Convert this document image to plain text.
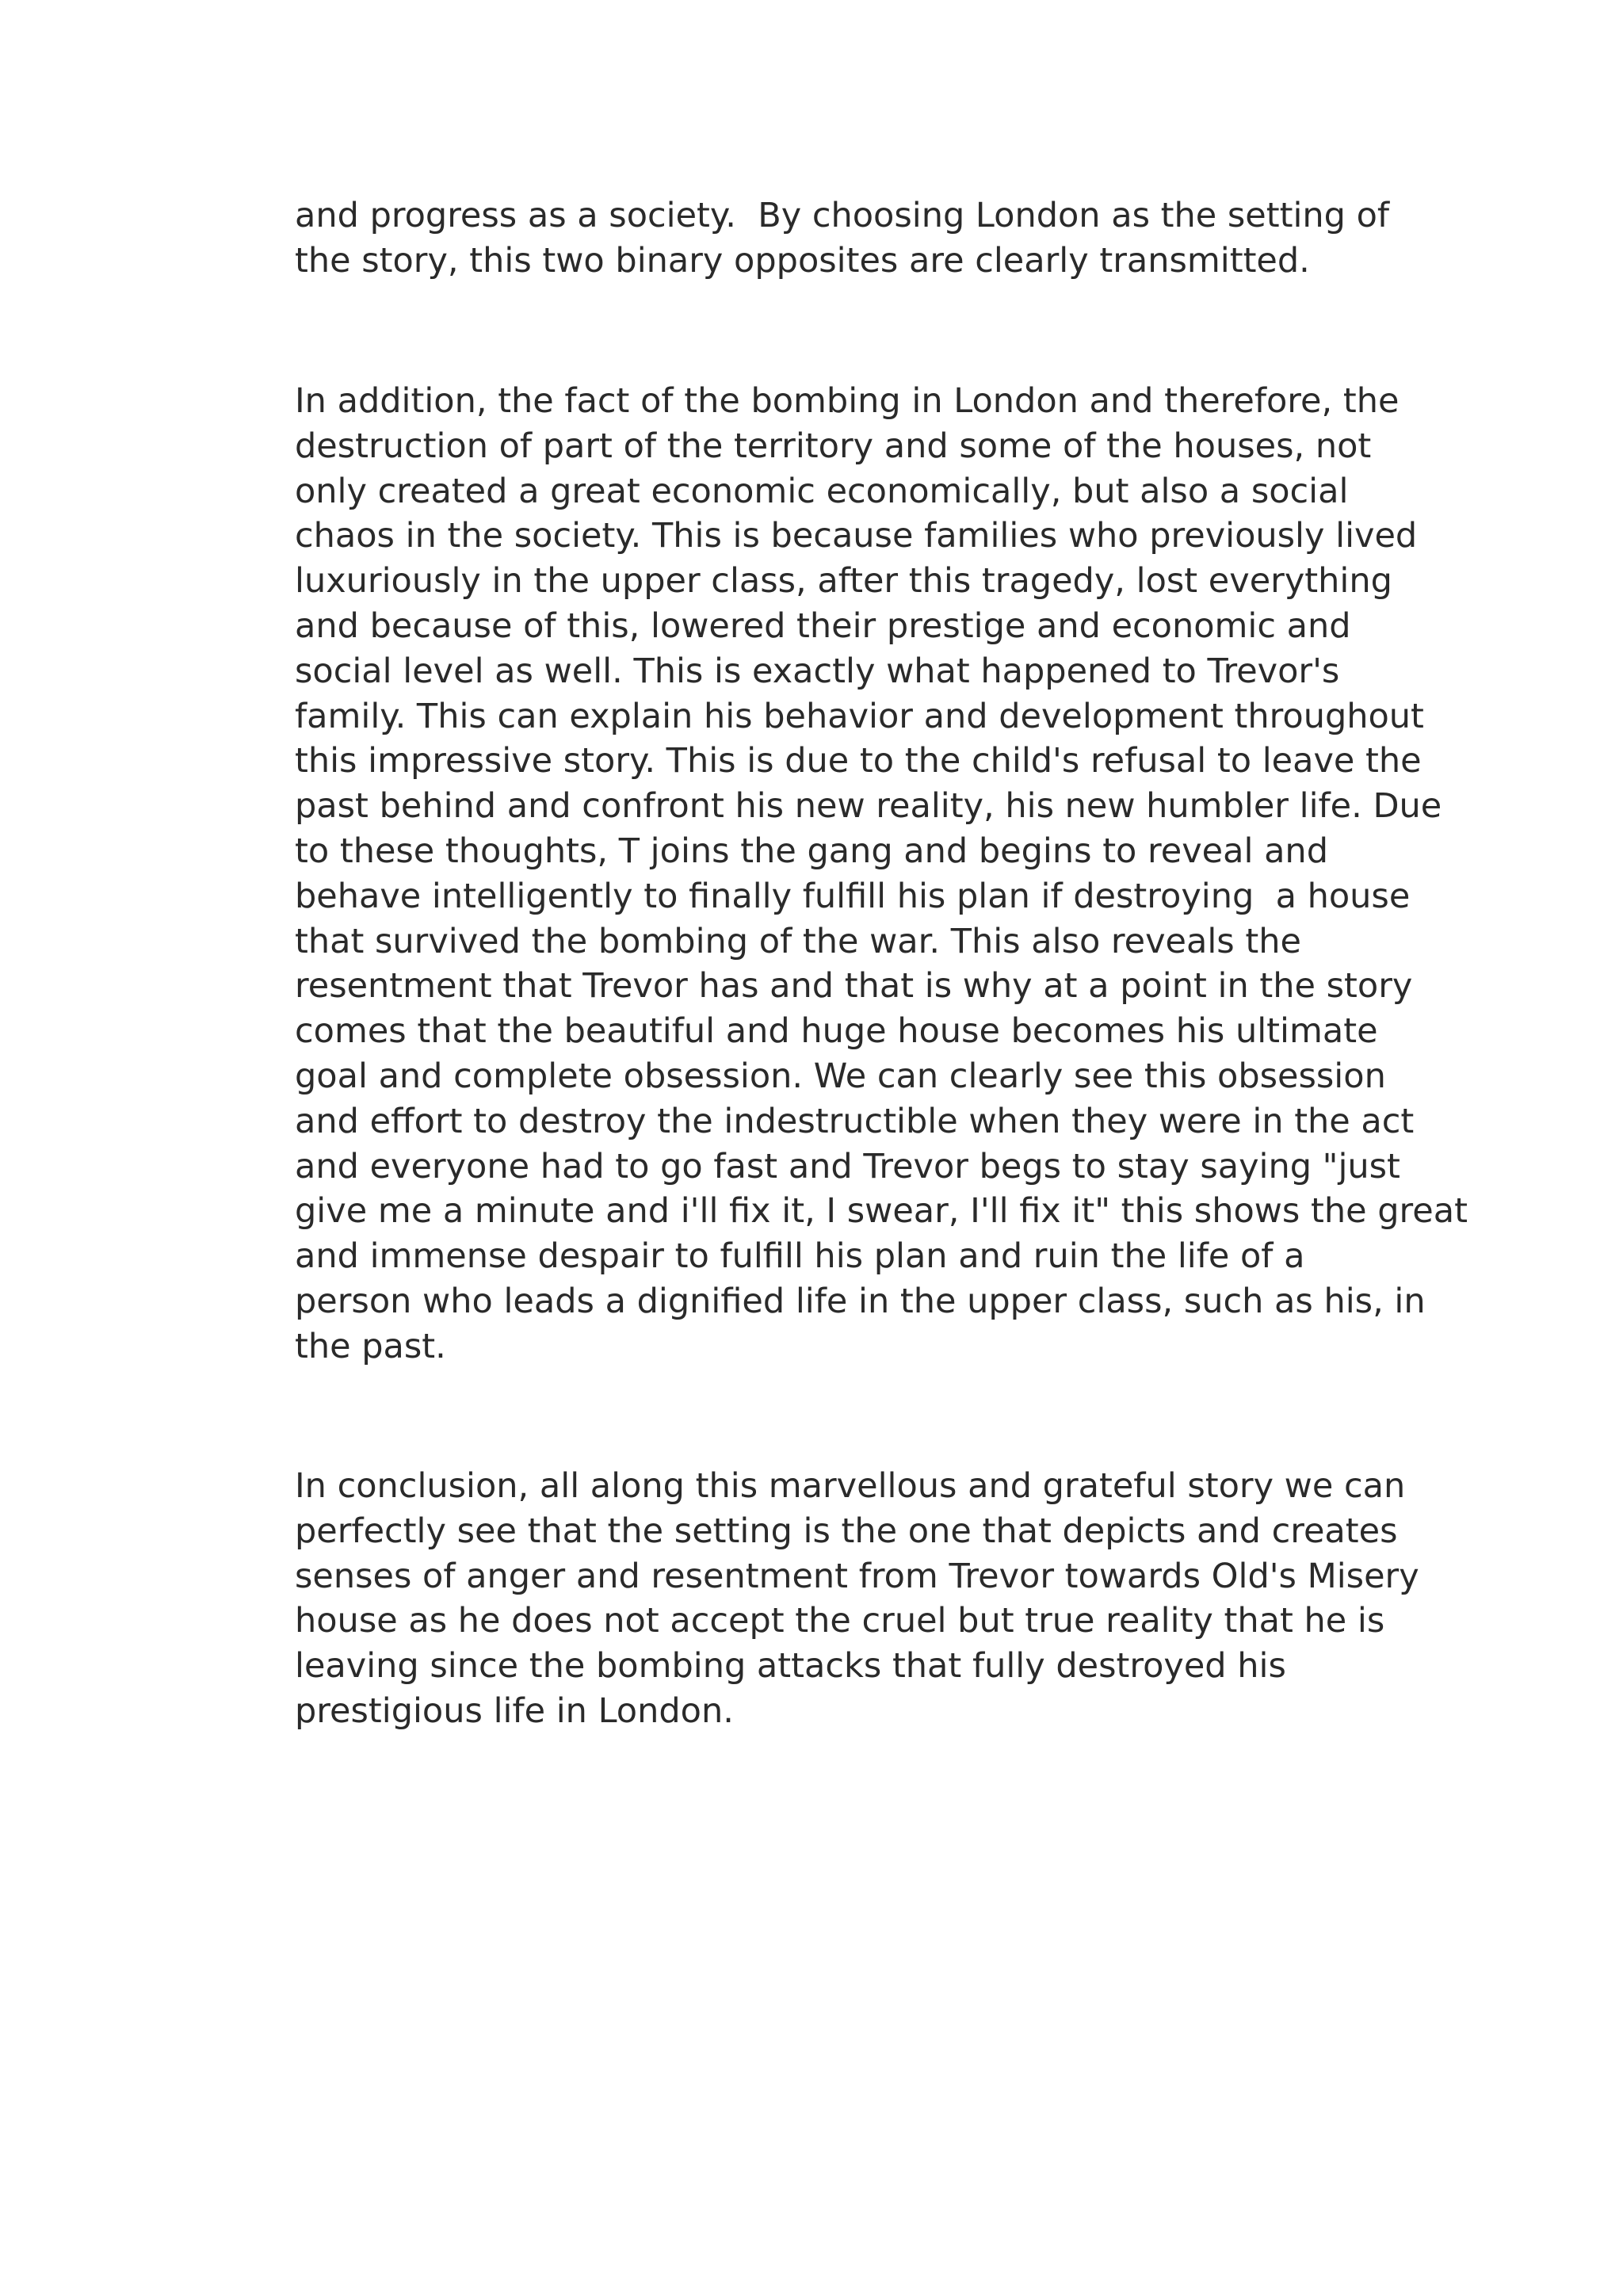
and progress as a society.  By choosing London as the setting of
the story, this two binary opposites are clearly transmitted.

In addition, the fact of the bombing in London and therefore, the
destruction of part of the territory and some of the houses, not
only created a great economic economically, but also a social
chaos in the society. This is because families who previously lived
luxuriously in the upper class, after this tragedy, lost everything
and because of this, lowered their prestige and economic and
social level as well. This is exactly what happened to Trevor's
family. This can explain his behavior and development throughout
this impressive story. This is due to the child's refusal to leave the
past behind and confront his new reality, his new humbler life. Due
to these thoughts, T joins the gang and begins to reveal and
behave intelligently to finally fulfill his plan if destroying  a house
that survived the bombing of the war. This also reveals the
resentment that Trevor has and that is why at a point in the story
comes that the beautiful and huge house becomes his ultimate
goal and complete obsession. We can clearly see this obsession
and effort to destroy the indestructible when they were in the act
and everyone had to go fast and Trevor begs to stay saying "just
give me a minute and i'll fix it, I swear, I'll fix it" this shows the great
and immense despair to fulfill his plan and ruin the life of a
person who leads a dignified life in the upper class, such as his, in
the past.

In conclusion, all along this marvellous and grateful story we can
perfectly see that the setting is the one that depicts and creates
senses of anger and resentment from Trevor towards Old's Misery
house as he does not accept the cruel but true reality that he is
leaving since the bombing attacks that fully destroyed his
prestigious life in London.
